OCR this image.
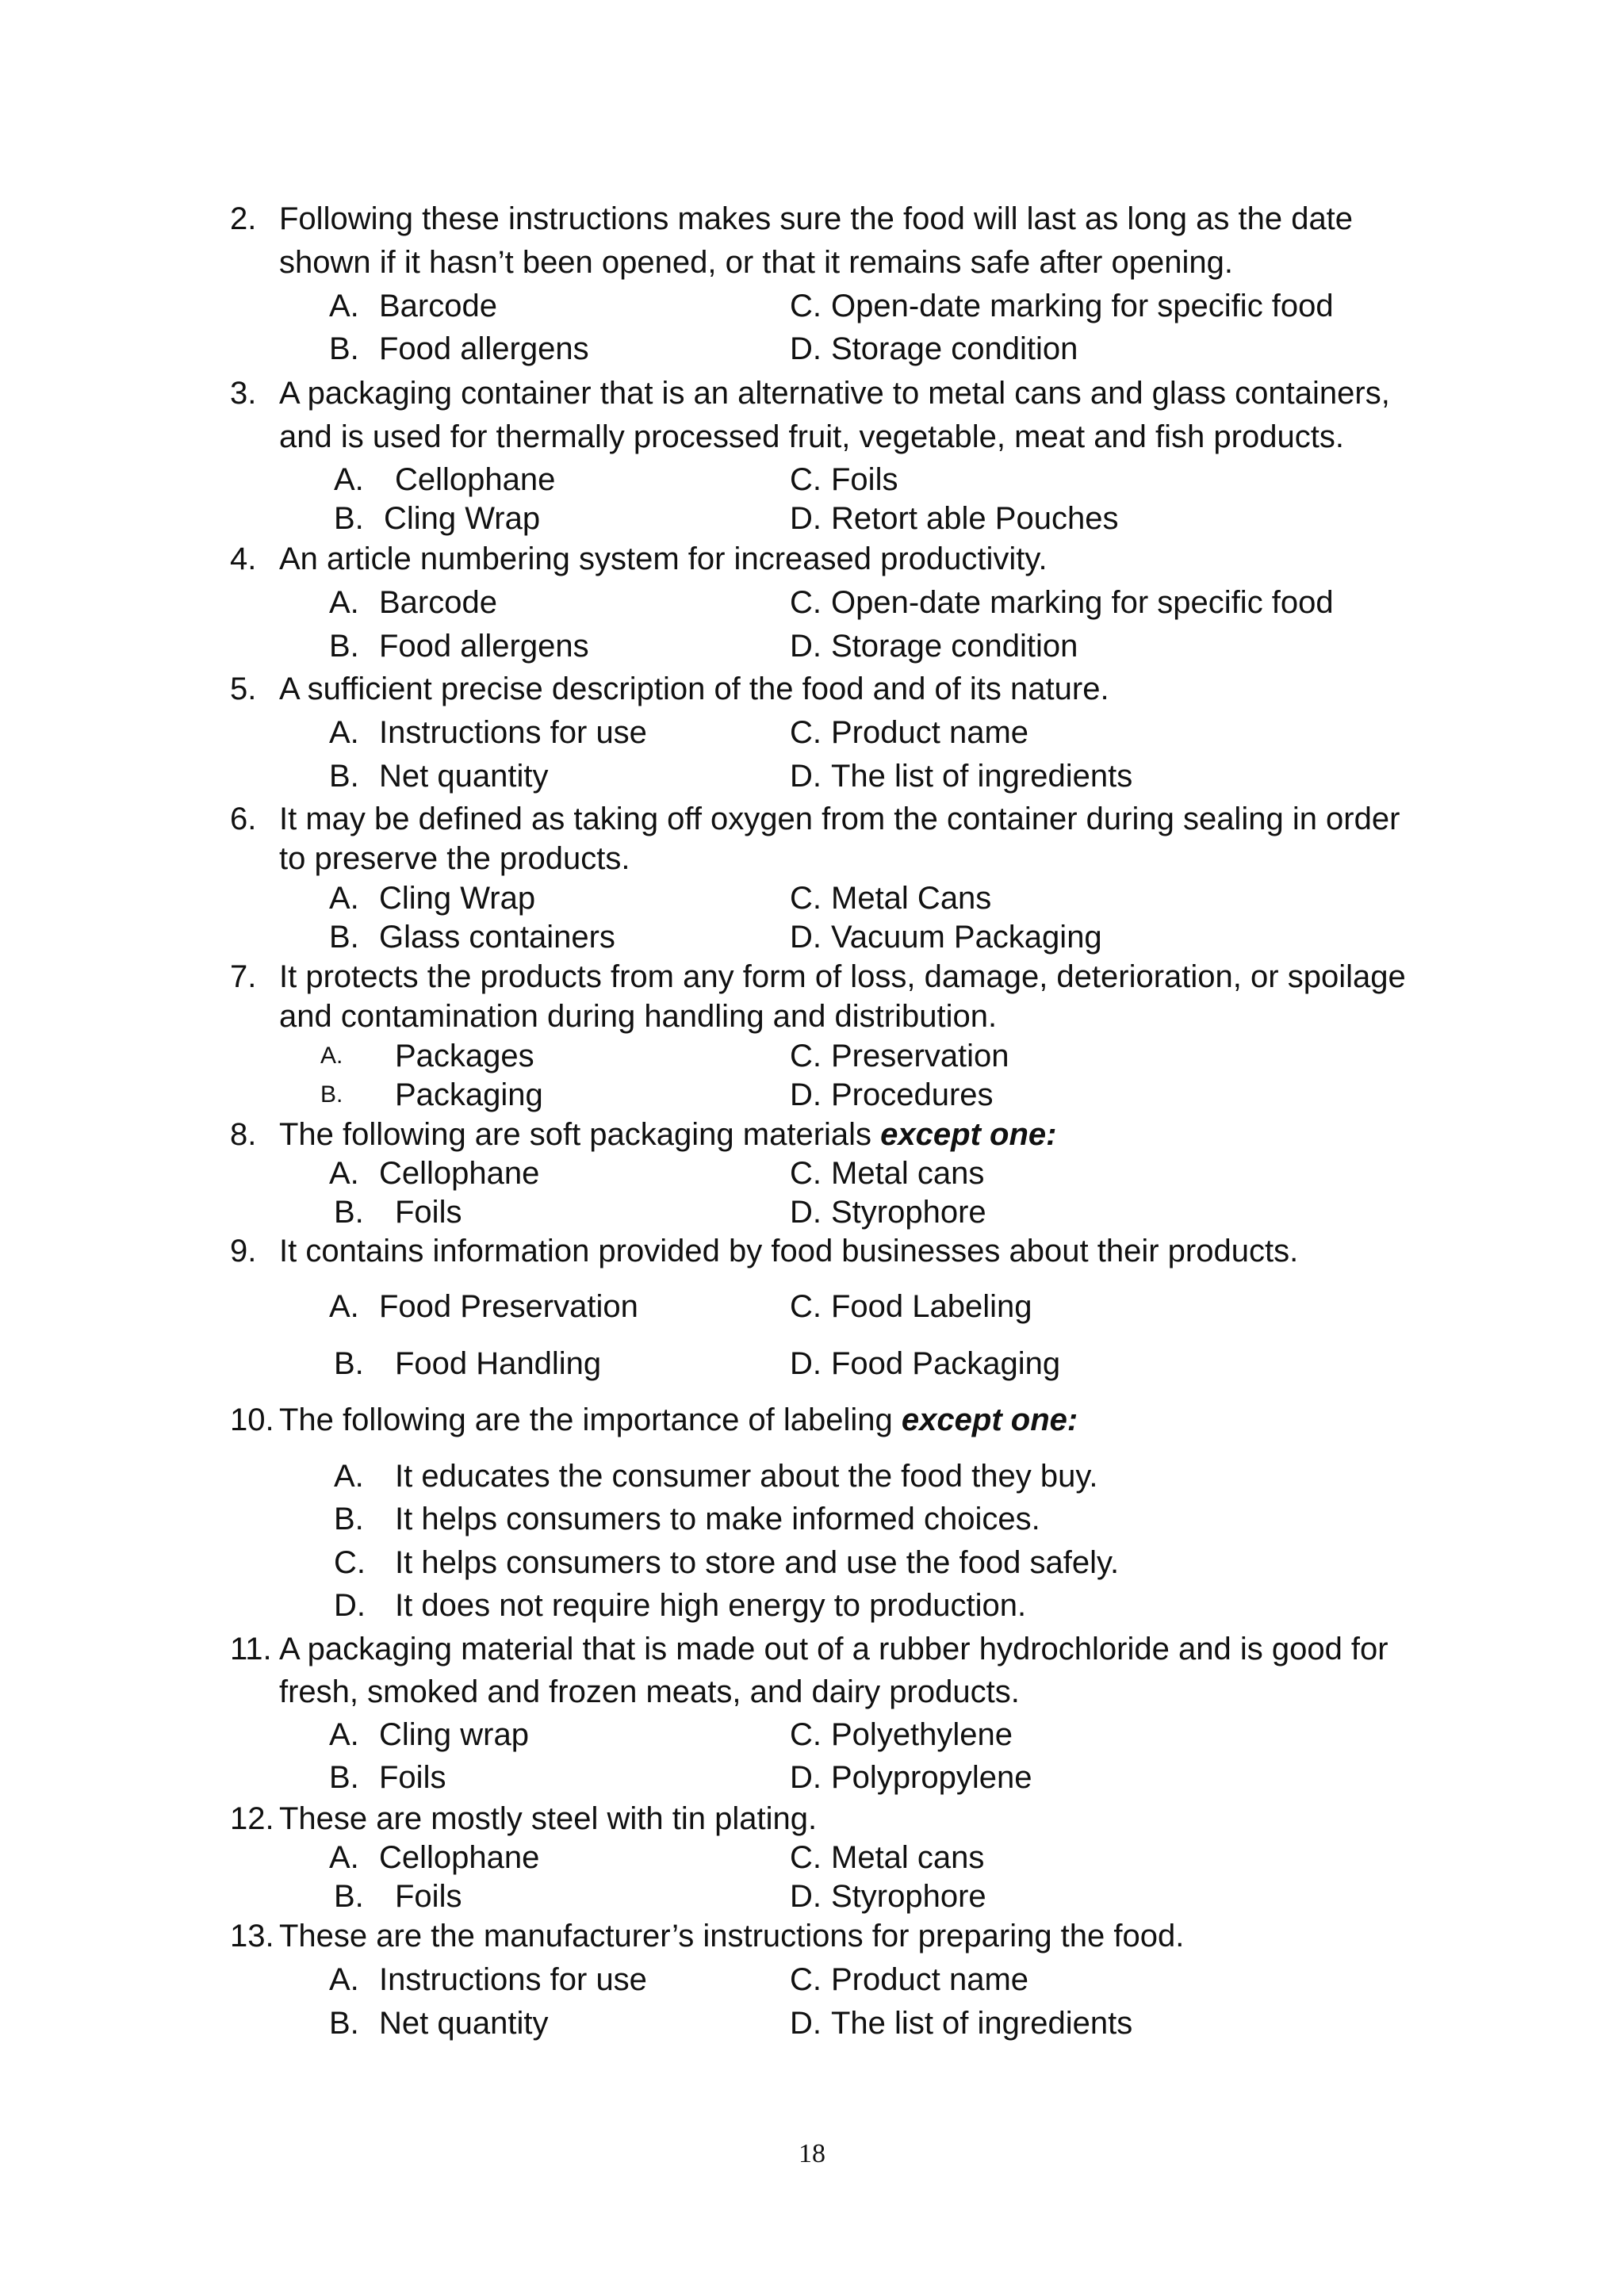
2. Following these instructions makes sure the food will last as long as the date
shown if it hasn’t been opened, or that it remains safe after opening.
A. Barcode
B. Food allergens
C. Open-date marking for specific food
D. Storage condition
3. A packaging container that is an alternative to metal cans and glass containers,
and is used for thermally processed fruit, vegetable, meat and fish products.
A. Cellophane
B. Cling Wrap
C. Foils
D. Retort able Pouches
4. An article numbering system for increased productivity.
A. Barcode
B. Food allergens
C. Open-date marking for specific food
D. Storage condition
5. A sufficient precise description of the food and of its nature.
A. Instructions for use
B. Net quantity
C. Product name
D. The list of ingredients
6. It may be defined as taking off oxygen from the container during sealing in order
to preserve the products.
A. Cling Wrap
B. Glass containers
C. Metal Cans
D. Vacuum Packaging
7. It protects the products from any form of loss, damage, deterioration, or spoilage
and contamination during handling and distribution.
A. Packages
B. Packaging
C. Preservation
D. Procedures
8. The following are soft packaging materials except one:
A. Cellophane
B. Foils
C. Metal cans
D. Styrophore
9. It contains information provided by food businesses about their products.
A. Food Preservation
B. Food Handling
C. Food Labeling
D. Food Packaging
10. The following are the importance of labeling except one:
A. It educates the consumer about the food they buy.
B. It helps consumers to make informed choices.
C. It helps consumers to store and use the food safely.
D. It does not require high energy to production.
11. A packaging material that is made out of a rubber hydrochloride and is good for
fresh, smoked and frozen meats, and dairy products.
A. Cling wrap
B. Foils
C. Polyethylene
D. Polypropylene
12. These are mostly steel with tin plating.
A. Cellophane
B. Foils
C. Metal cans
D. Styrophore
13. These are the manufacturer’s instructions for preparing the food.
A. Instructions for use
B. Net quantity
C. Product name
D. The list of ingredients
18
